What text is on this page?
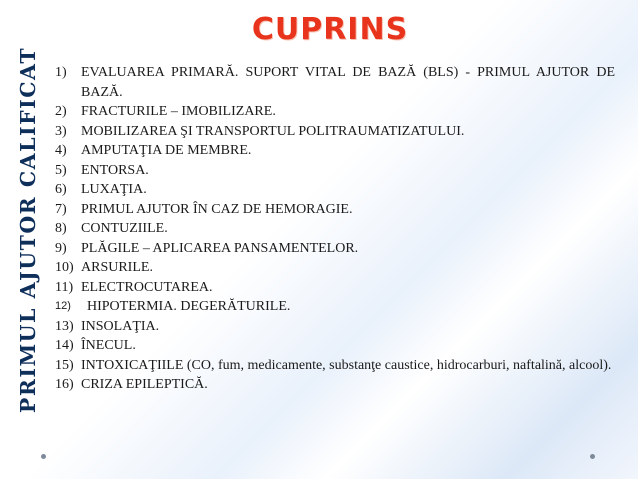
PRIMUL AJUTOR CALIFICAT
CUPRINS
1)	EVALUAREA PRIMARĂ. SUPORT VITAL DE BAZĂ (BLS) - PRIMUL AJUTOR DE BAZĂ.
2)	FRACTURILE – IMOBILIZARE.
3)	MOBILIZAREA ŞI TRANSPORTUL POLITRAUMATIZATULUI.
4)	AMPUTAŢIA DE MEMBRE.
5)	ENTORSA.
6)	LUXAŢIA.
7)	PRIMUL AJUTOR ÎN CAZ DE HEMORAGIE.
8)	CONTUZIILE.
9)	PLĂGILE – APLICAREA PANSAMENTELOR.
10) ARSURILE.
11) ELECTROCUTAREA.
12)	HIPOTERMIA. DEGERĂTURILE.
13) INSOLAŢIA.
14) ÎNECUL.
15) INTOXICAŢIILE (CO, fum, medicamente, substanţe caustice, hidrocarburi, naftalină, alcool).
16) CRIZA EPILEPTICĂ.
